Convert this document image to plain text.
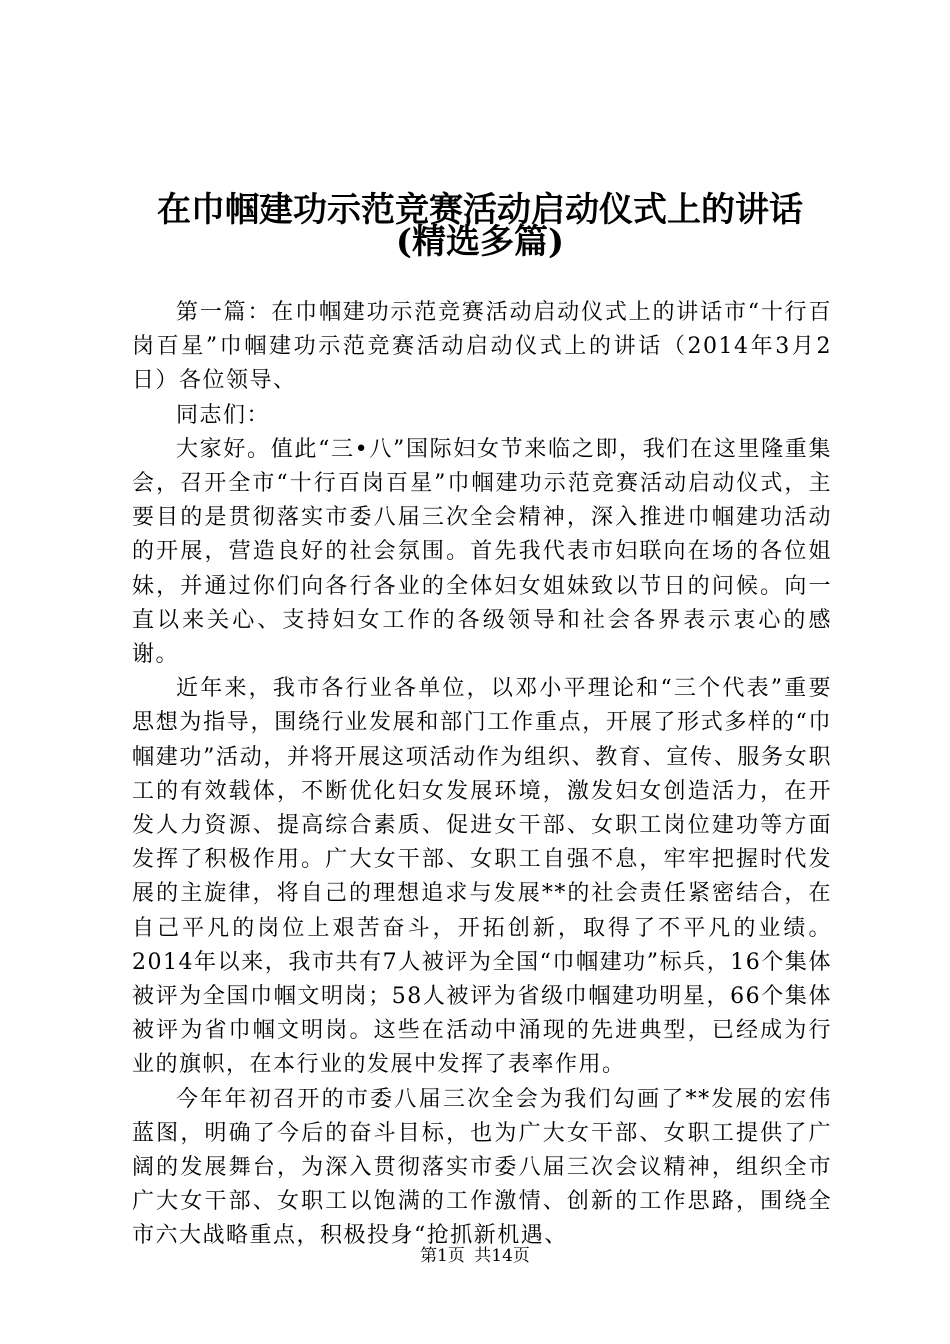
在巾帼建功示范竞赛活动启动仪式上的讲话
(精选多篇)

第一篇：在巾帼建功示范竞赛活动启动仪式上的讲话市“十行百岗百星”巾帼建功示范竞赛活动启动仪式上的讲话（2014年3月2日）各位领导、

同志们：

大家好。值此“三•八”国际妇女节来临之即，我们在这里隆重集会，召开全市“十行百岗百星”巾帼建功示范竞赛活动启动仪式，主要目的是贯彻落实市委八届三次全会精神，深入推进巾帼建功活动的开展，营造良好的社会氛围。首先我代表市妇联向在场的各位姐妹，并通过你们向各行各业的全体妇女姐妹致以节日的问候。向一直以来关心、支持妇女工作的各级领导和社会各界表示衷心的感谢。

近年来，我市各行业各单位，以邓小平理论和“三个代表”重要思想为指导，围绕行业发展和部门工作重点，开展了形式多样的“巾帼建功”活动，并将开展这项活动作为组织、教育、宣传、服务女职工的有效载体，不断优化妇女发展环境，激发妇女创造活力，在开发人力资源、提高综合素质、促进女干部、女职工岗位建功等方面发挥了积极作用。广大女干部、女职工自强不息，牢牢把握时代发展的主旋律，将自己的理想追求与发展**的社会责任紧密结合，在自己平凡的岗位上艰苦奋斗，开拓创新，取得了不平凡的业绩。2014年以来，我市共有7人被评为全国“巾帼建功”标兵，16个集体被评为全国巾帼文明岗；58人被评为省级巾帼建功明星，66个集体被评为省巾帼文明岗。这些在活动中涌现的先进典型，已经成为行业的旗帜，在本行业的发展中发挥了表率作用。

今年年初召开的市委八届三次全会为我们勾画了**发展的宏伟蓝图，明确了今后的奋斗目标，也为广大女干部、女职工提供了广阔的发展舞台，为深入贯彻落实市委八届三次会议精神，组织全市广大女干部、女职工以饱满的工作激情、创新的工作思路，围绕全市六大战略重点，积极投身“抢抓新机遇、

第1页 共14页
